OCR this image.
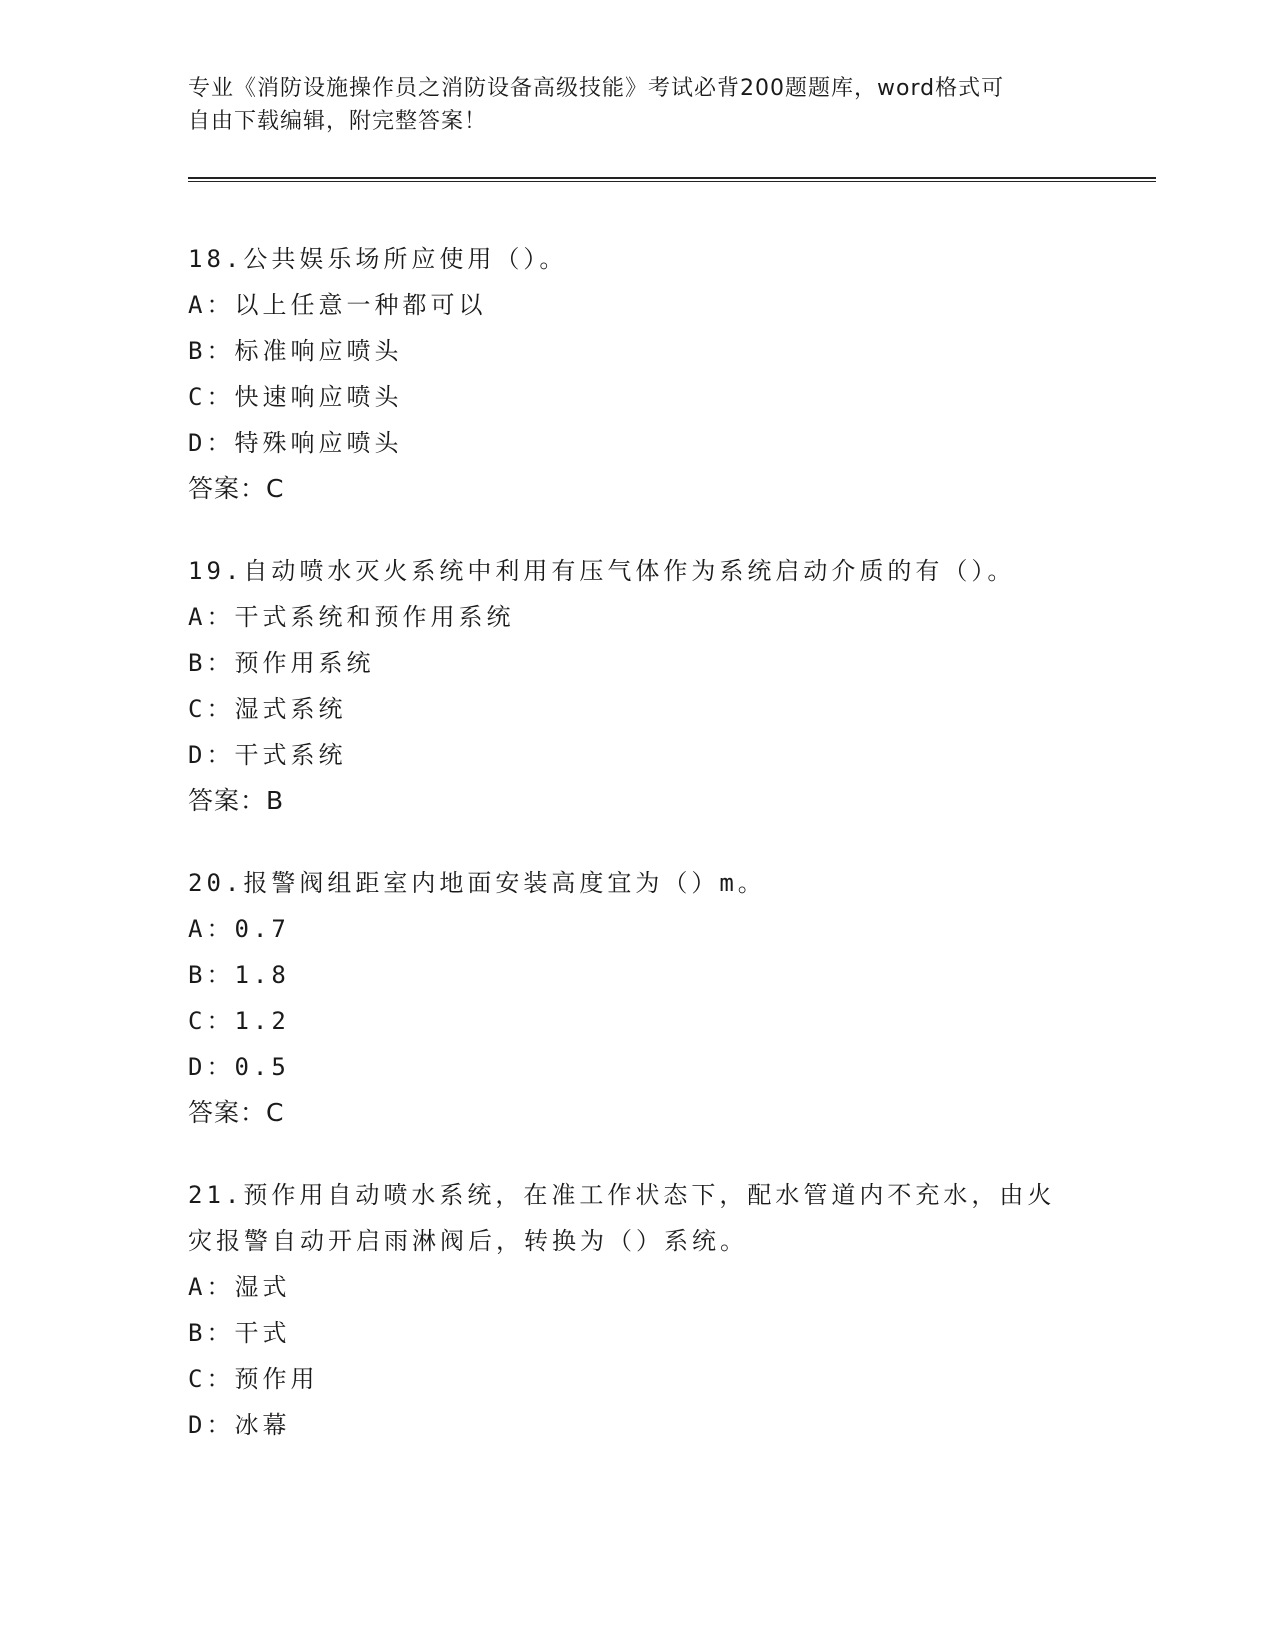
专业《消防设施操作员之消防设备高级技能》考试必背200题题库，word格式可
自由下载编辑，附完整答案！
18.公共娱乐场所应使用（）。
A：以上任意一种都可以
B：标准响应喷头
C：快速响应喷头
D：特殊响应喷头
答案：C
19.自动喷水灭火系统中利用有压气体作为系统启动介质的有（）。
A：干式系统和预作用系统
B：预作用系统
C：湿式系统
D：干式系统
答案：B
20.报警阀组距室内地面安装高度宜为（）m。
A：0.7
B：1.8
C：1.2
D：0.5
答案：C
21.预作用自动喷水系统，在准工作状态下，配水管道内不充水，由火
灾报警自动开启雨淋阀后，转换为（）系统。
A：湿式
B：干式
C：预作用
D：冰幕
